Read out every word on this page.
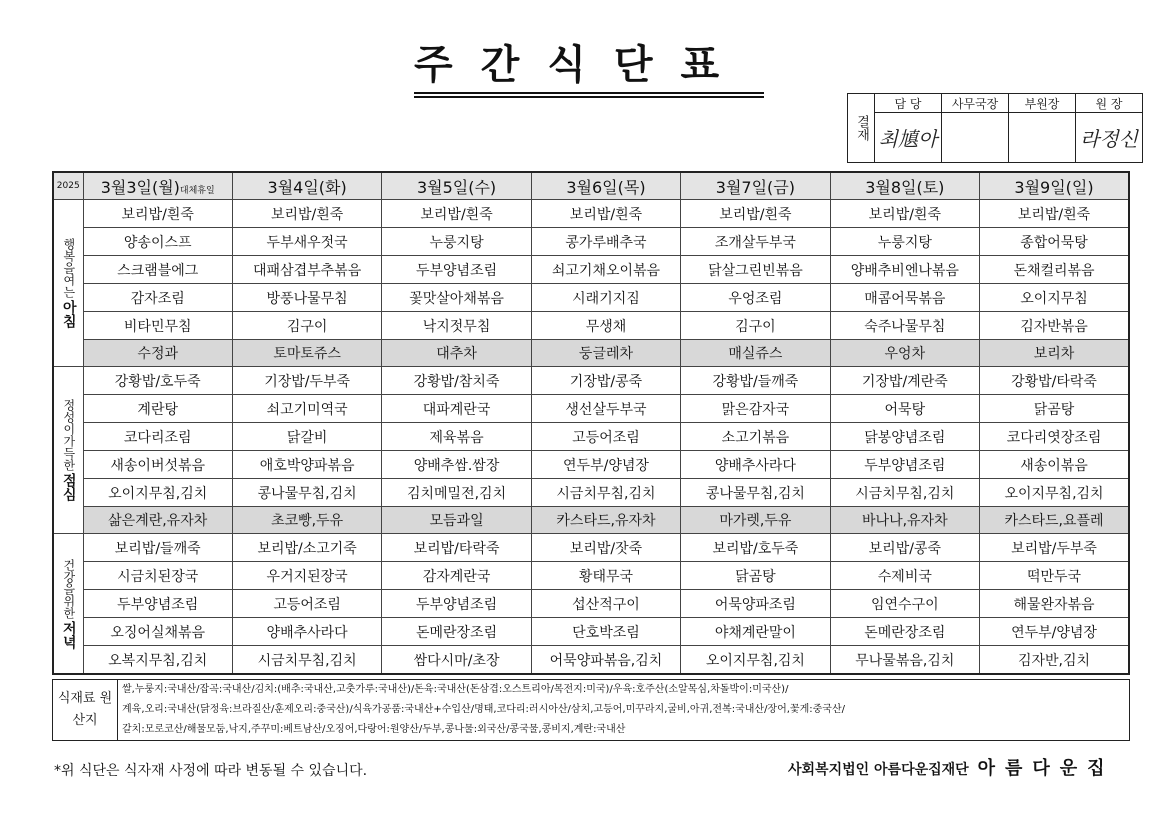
주간식단표
결재	담 당	사무국장	부원장	원 장
	최㐤아			라정신
2025	3월3일(월)대체휴일	3월4일(화)	3월5일(수)	3월6일(목)	3월7일(금)	3월8일(토)	3월9일(일)

행복을여는
아침	보리밥/흰죽	보리밥/흰죽	보리밥/흰죽	보리밥/흰죽	보리밥/흰죽	보리밥/흰죽	보리밥/흰죽
	양송이스프	두부새우젓국	누룽지탕	콩가루배추국	조개살두부국	누룽지탕	종합어묵탕
	스크램블에그	대패삼겹부추볶음	두부양념조림	쇠고기채오이볶음	닭살그린빈볶음	양배추비엔나볶음	돈채컬리볶음
	감자조림	방풍나물무침	꽃맛살아채볶음	시래기지짐	우엉조림	매콤어묵볶음	오이지무침
	비타민무침	김구이	낙지젓무침	무생채	김구이	숙주나물무침	김자반볶음
	수정과	토마토쥬스	대추차	둥글레차	매실쥬스	우엉차	보리차

정성이가득한
점심	강황밥/호두죽	기장밥/두부죽	강황밥/참치죽	기장밥/콩죽	강황밥/들깨죽	기장밥/계란죽	강황밥/타락죽
	계란탕	쇠고기미역국	대파계란국	생선살두부국	맑은감자국	어묵탕	닭곰탕
	코다리조림	닭갈비	제육볶음	고등어조림	소고기볶음	닭봉양념조림	코다리엿장조림
	새송이버섯볶음	애호박양파볶음	양배추쌈.쌈장	연두부/양념장	양배추사라다	두부양념조림	새송이볶음
	오이지무침,김치	콩나물무침,김치	김치메밀전,김치	시금치무침,김치	콩나물무침,김치	시금치무침,김치	오이지무침,김치
	삶은계란,유자차	초코빵,두유	모듬과일	카스타드,유자차	마가렛,두유	바나나,유자차	카스타드,요플레

건강을위한
저녁	보리밥/들깨죽	보리밥/소고기죽	보리밥/타락죽	보리밥/잣죽	보리밥/호두죽	보리밥/콩죽	보리밥/두부죽
	시금치된장국	우거지된장국	감자계란국	황태무국	닭곰탕	수제비국	떡만두국
	두부양념조림	고등어조림	두부양념조림	섭산적구이	어묵양파조림	임연수구이	해물완자볶음
	오징어실채볶음	양배추사라다	돈메란장조림	단호박조림	야채계란말이	돈메란장조림	연두부/양념장
	오복지무침,김치	시금치무침,김치	쌈다시마/초장	어묵양파볶음,김치	오이지무침,김치	무나물볶음,김치	김자반,김치
식재료 원산지	
쌀,누룽지:국내산/잡곡:국내산/김치:(배추:국내산,고춧가루:국내산)/돈육:국내산(돈삼겹:오스트리아/목전지:미국)/우육:호주산(소알목심,차돌박이:미국산)/
계육,오리:국내산(닭정육:브라질산/훈제오리:중국산)/식육가공품:국내산+수입산/명태,코다리:러시아산/삼치,고등어,미꾸라지,굴비,아귀,전복:국내산/장어,꽃게:중국산/
갈치:모로코산/해물모둠,낙지,주꾸미:베트남산/오징어,다랑어:원양산/두부,콩나물:외국산/콩국물,콩비지,계란:국내산
*위 식단은 식자재 사정에 따라 변동될 수 있습니다.	사회복지법인 아름다운집재단 아름다운집
